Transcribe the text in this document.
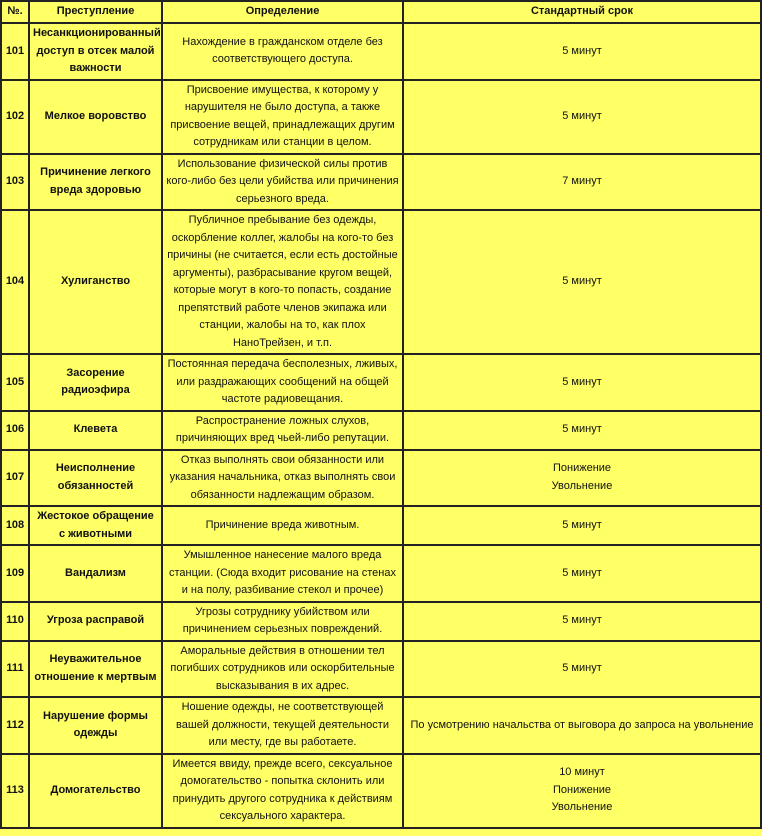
№.	Преступление	Определение	Стандартный срок
101	Несанкционированный доступ в отсек малой важности	Нахождение в гражданском отделе без соответствующего доступа.	5 минут

102	Мелкое воровство	Присвоение имущества, к которому у нарушителя не было доступа, а также присвоение вещей, принадлежащих другим сотрудникам или станции в целом.	5 минут

103	Причинение легкого вреда здоровью	Использование физической силы против кого-либо без цели убийства или причинения серьезного вреда.	7 минут

104	Хулиганство	Публичное пребывание без одежды, оскорбление коллег, жалобы на кого-то без причины (не считается, если есть достойные аргументы), разбрасывание кругом вещей, которые могут в кого-то попасть, создание препятствий работе членов экипажа или станции, жалобы на то, как плох НаноТрейзен, и т.п.	5 минут

105	Засорение радиоэфира	Постоянная передача бесполезных, лживых, или раздражающих сообщений на общей частоте радиовещания.	5 минут

106	Клевета	Распространение ложных слухов, причиняющих вред чьей-либо репутации.	5 минут

107	Неисполнение обязанностей	Отказ выполнять свои обязанности или указания начальника, отказ выполнять свои обязанности надлежащим образом.	Понижение
Увольнение

108	Жестокое обращение с животными	Причинение вреда животным.	5 минут

109	Вандализм	Умышленное нанесение малого вреда станции. (Сюда входит рисование на стенах и на полу, разбивание стекол и прочее)	5 минут

110	Угроза расправой	Угрозы сотруднику убийством или причинением серьезных повреждений.	5 минут

111	Неуважительное отношение к мертвым	Аморальные действия в отношении тел погибших сотрудников или оскорбительные высказывания в их адрес.	5 минут

112	Нарушение формы одежды	Ношение одежды, не соответствующей вашей должности, текущей деятельности или месту, где вы работаете.	По усмотрению начальства от выговора до запроса на увольнение

113	Домогательство	Имеется ввиду, прежде всего, сексуальное домогательство - попытка склонить или принудить другого сотрудника к действиям сексуального характера.	10 минут
Понижение
Увольнение
